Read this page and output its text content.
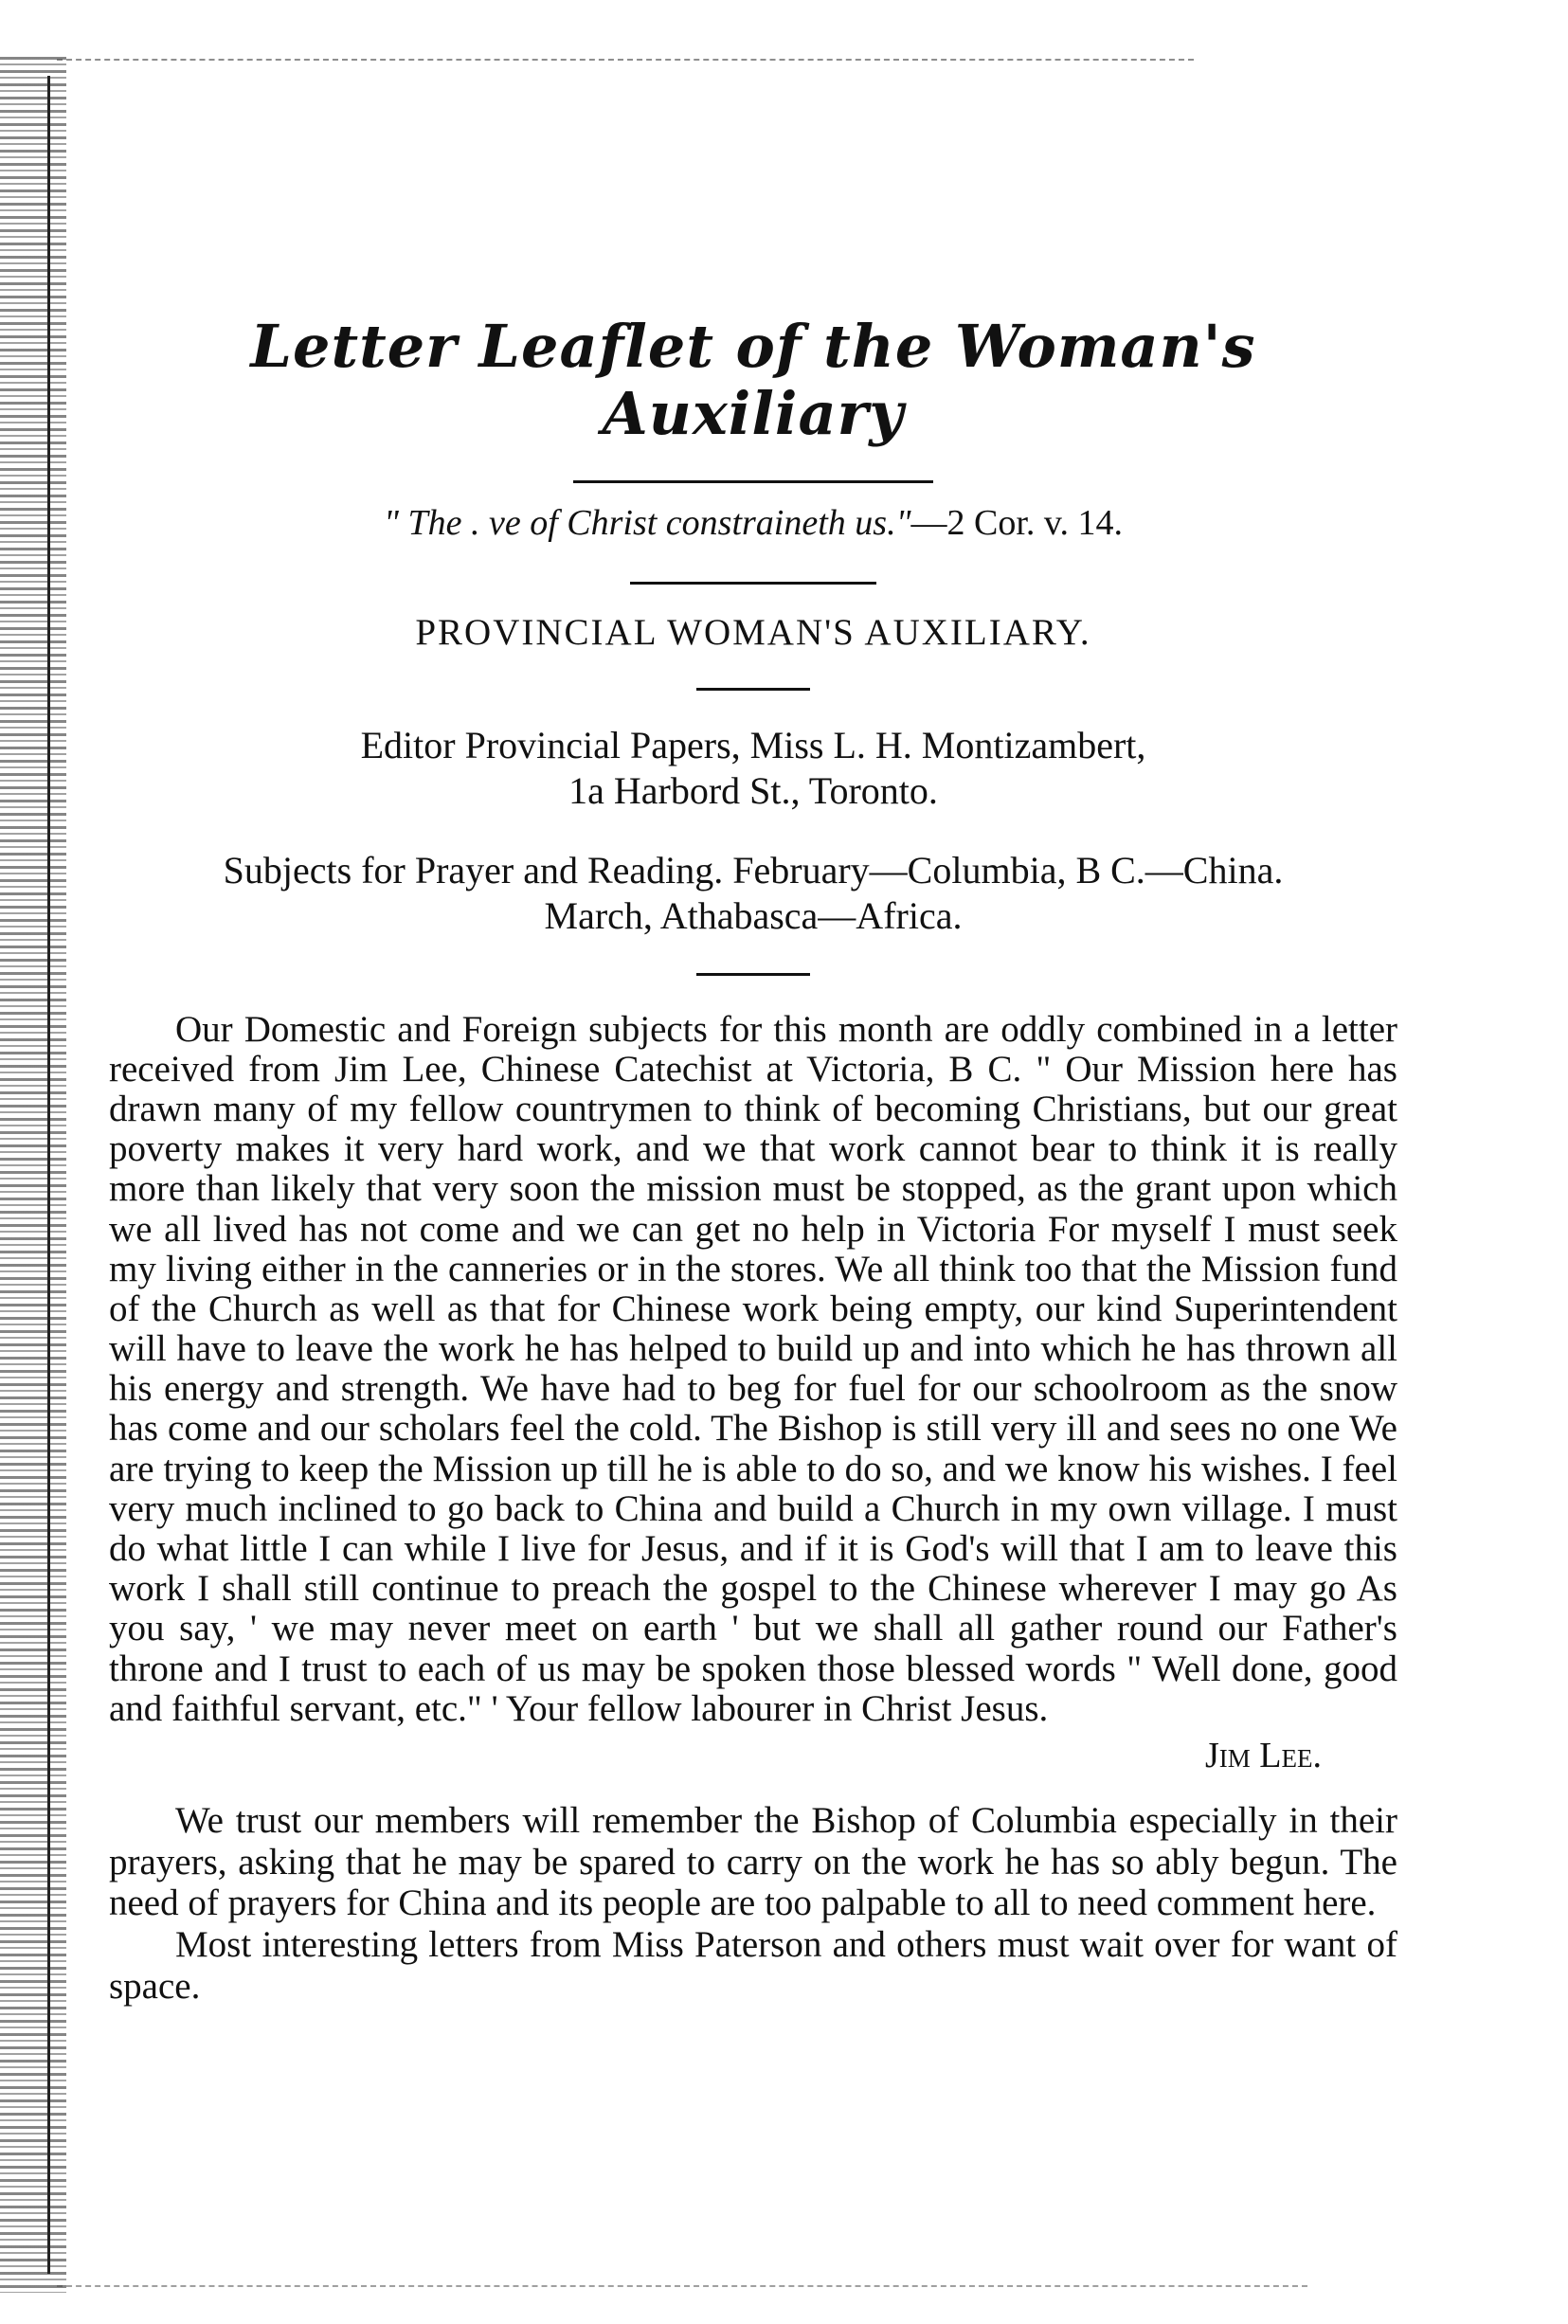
Letter Leaflet of the Woman's Auxiliary
" The . ve of Christ constraineth us."—2 Cor. v. 14.
PROVINCIAL WOMAN'S AUXILIARY.
Editor Provincial Papers, Miss L. H. Montizambert,
1a Harbord St., Toronto.
Subjects for Prayer and Reading. February—Columbia, B C.—China.
March, Athabasca—Africa.

Our Domestic and Foreign subjects for this month are oddly combined in a letter received from Jim Lee, Chinese Catechist at Victoria, B C. " Our Mission here has drawn many of my fellow countrymen to think of becoming Christians, but our great poverty makes it very hard work, and we that work cannot bear to think it is really more than likely that very soon the mission must be stopped, as the grant upon which we all lived has not come and we can get no help in Victoria For myself I must seek my living either in the canneries or in the stores. We all think too that the Mission fund of the Church as well as that for Chinese work being empty, our kind Superintendent will have to leave the work he has helped to build up and into which he has thrown all his energy and strength. We have had to beg for fuel for our schoolroom as the snow has come and our scholars feel the cold. The Bishop is still very ill and sees no one We are trying to keep the Mission up till he is able to do so, and we know his wishes. I feel very much inclined to go back to China and build a Church in my own village. I must do what little I can while I live for Jesus, and if it is God's will that I am to leave this work I shall still continue to preach the gospel to the Chinese wherever I may go As you say, ' we may never meet on earth ' but we shall all gather round our Father's throne and I trust to each of us may be spoken those blessed words " Well done, good and faithful servant, etc." ' Your fellow labourer in Christ Jesus.

Jim Lee.

We trust our members will remember the Bishop of Columbia especially in their prayers, asking that he may be spared to carry on the work he has so ably begun. The need of prayers for China and its people are too palpable to all to need comment here.

Most interesting letters from Miss Paterson and others must wait over for want of space.
